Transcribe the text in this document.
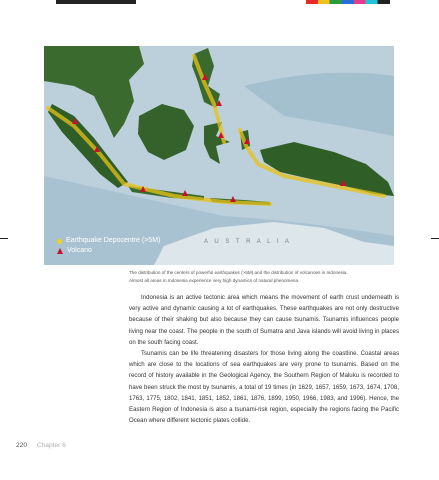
A U S T R A L I A
Earthquake Depocentre (>5M)
Volcano
The distribution of the centers of powerful earthquakes (>5M) and the distribution of volcanoes in Indonesia.
Almost all areas in Indonesia experience very high dynamics of natural phenomena.

Indonesia is an active tectonic area which means the movement of earth crust underneath is very active and dynamic causing a lot of earthquakes. These earthquakes are not only destructive because of their shaking but also because they can cause tsunamis. Tsunamis influences people living near the coast. The people in the south of Sumatra and Java islands will avoid living in places on the south facing coast.

Tsunamis can be life threatening disasters for those living along the coastline. Coastal areas which are close to the locations of sea earthquakes are very prone to tsunamis. Based on the record of history available in the Geological Agency, the Southern Region of Maluku is recorded to have been struck the most by tsunamis, a total of 19 times (in 1629, 1657, 1659, 1673, 1674, 1708, 1763, 1775, 1802, 1841, 1851, 1852, 1861, 1876, 1899, 1950, 1966, 1983, and 1996). Hence, the Eastern Region of Indonesia is also a tsunami-risk region, especially the regions facing the Pacific Ocean where different tectonic plates collide.

220 Chapter 6
